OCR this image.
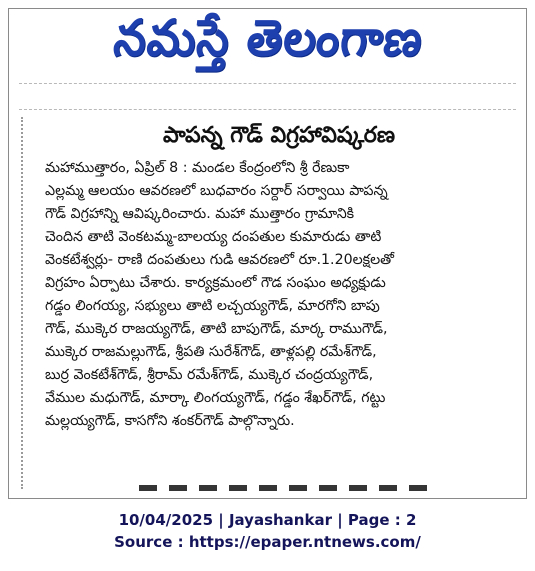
నమస్తే తెలంగాణ
పాపన్న గౌడ్ విగ్రహావిష్కరణ
మహాముత్తారం, ఏప్రిల్ 8 : మండల కేంద్రంలోని శ్రీ రేణుకా
ఎల్లమ్మ ఆలయం ఆవరణలో బుధవారం సర్దార్ సర్వాయి పాపన్న
గౌడ్ విగ్రహాన్ని ఆవిష్కరించారు. మహా ముత్తారం గ్రామానికి
చెందిన తాటి వెంకటమ్మ-బాలయ్య దంపతుల కుమారుడు తాటి
వెంకటేశ్వర్లు- రాణి దంపతులు గుడి ఆవరణలో రూ.1.20లక్షలతో
విగ్రహం ఏర్పాటు చేశారు. కార్యక్రమంలో గౌడ సంఘం అధ్యక్షుడు
గడ్డం లింగయ్య, సభ్యులు తాటి లచ్చయ్యగౌడ్, మారగోని బాపు
గౌడ్, ముక్కెర రాజయ్యగౌడ్, తాటి బాపుగౌడ్, మార్క రాముగౌడ్,
ముక్కెర రాజమల్లుగౌడ్, శ్రీపతి సురేశ్‌గౌడ్, తాళ్లపల్లి రమేశ్‌గౌడ్,
బుర్ర వెంకటేశ్‌గౌడ్, శ్రీరామ్ రమేశ్‌గౌడ్, ముక్కెర చంద్రయ్యగౌడ్,
వేముల మధుగౌడ్, మార్కా లింగయ్యగౌడ్, గడ్డం శేఖర్‌గౌడ్, గట్టు
మల్లయ్యగౌడ్, కాసగోని శంకర్‌గౌడ్ పాల్గొన్నారు.
10/04/2025 | Jayashankar | Page : 2
Source : https://epaper.ntnews.com/
